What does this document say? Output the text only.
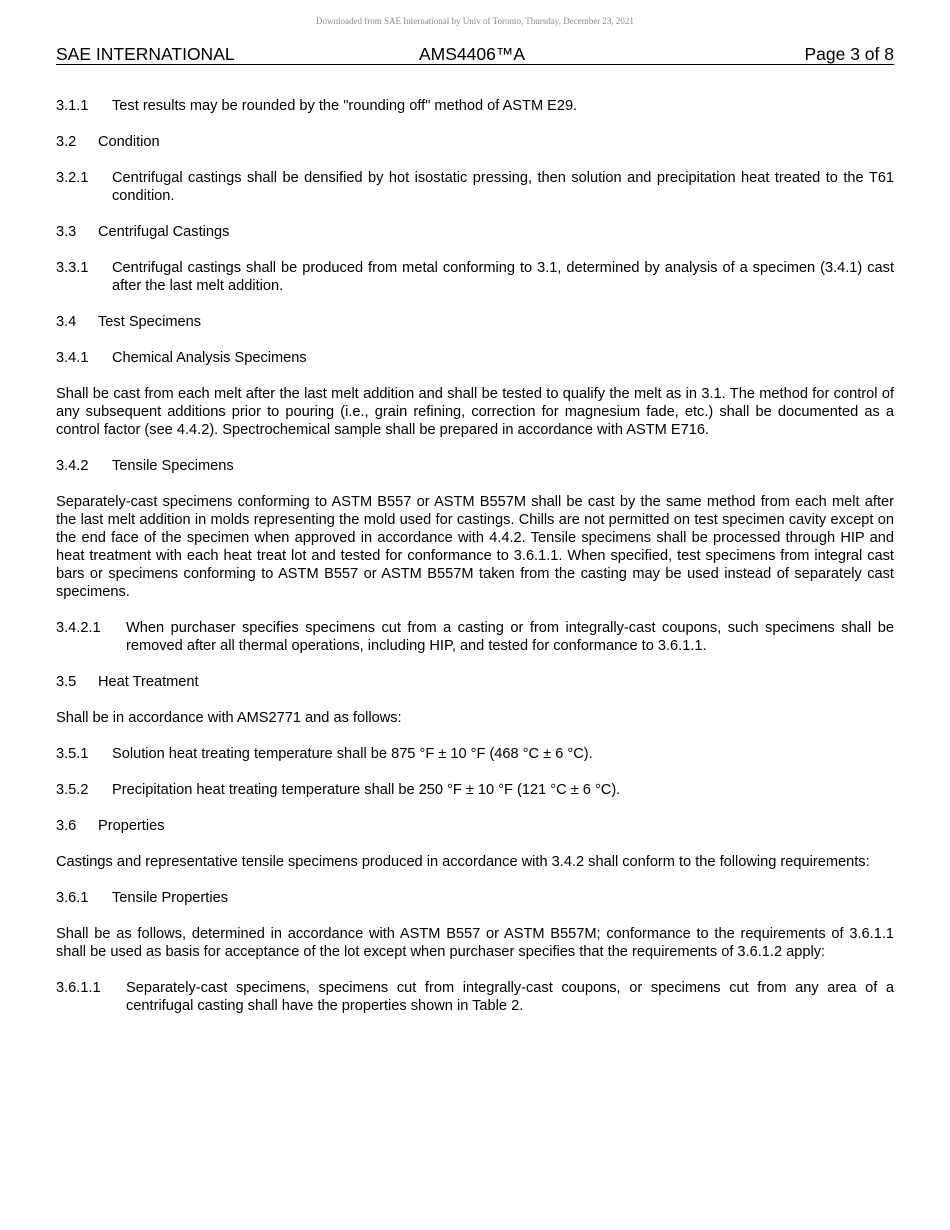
Downloaded from SAE International by Univ of Toronto, Thursday, December 23, 2021
SAE INTERNATIONAL	AMS4406™A	Page 3 of 8
3.1.1	Test results may be rounded by the "rounding off" method of ASTM E29.
3.2	Condition
3.2.1	Centrifugal castings shall be densified by hot isostatic pressing, then solution and precipitation heat treated to the T61 condition.
3.3	Centrifugal Castings
3.3.1	Centrifugal castings shall be produced from metal conforming to 3.1, determined by analysis of a specimen (3.4.1) cast after the last melt addition.
3.4	Test Specimens
3.4.1	Chemical Analysis Specimens
Shall be cast from each melt after the last melt addition and shall be tested to qualify the melt as in 3.1. The method for control of any subsequent additions prior to pouring (i.e., grain refining, correction for magnesium fade, etc.) shall be documented as a control factor (see 4.4.2). Spectrochemical sample shall be prepared in accordance with ASTM E716.
3.4.2	Tensile Specimens
Separately-cast specimens conforming to ASTM B557 or ASTM B557M shall be cast by the same method from each melt after the last melt addition in molds representing the mold used for castings. Chills are not permitted on test specimen cavity except on the end face of the specimen when approved in accordance with 4.4.2. Tensile specimens shall be processed through HIP and heat treatment with each heat treat lot and tested for conformance to 3.6.1.1. When specified, test specimens from integral cast bars or specimens conforming to ASTM B557 or ASTM B557M taken from the casting may be used instead of separately cast specimens.
3.4.2.1	When purchaser specifies specimens cut from a casting or from integrally-cast coupons, such specimens shall be removed after all thermal operations, including HIP, and tested for conformance to 3.6.1.1.
3.5	Heat Treatment
Shall be in accordance with AMS2771 and as follows:
3.5.1	Solution heat treating temperature shall be 875 °F ± 10 °F (468 °C ± 6 °C).
3.5.2	Precipitation heat treating temperature shall be 250 °F ± 10 °F (121 °C ± 6 °C).
3.6	Properties
Castings and representative tensile specimens produced in accordance with 3.4.2 shall conform to the following requirements:
3.6.1	Tensile Properties
Shall be as follows, determined in accordance with ASTM B557 or ASTM B557M; conformance to the requirements of 3.6.1.1 shall be used as basis for acceptance of the lot except when purchaser specifies that the requirements of 3.6.1.2 apply:
3.6.1.1	Separately-cast specimens, specimens cut from integrally-cast coupons, or specimens cut from any area of a centrifugal casting shall have the properties shown in Table 2.
